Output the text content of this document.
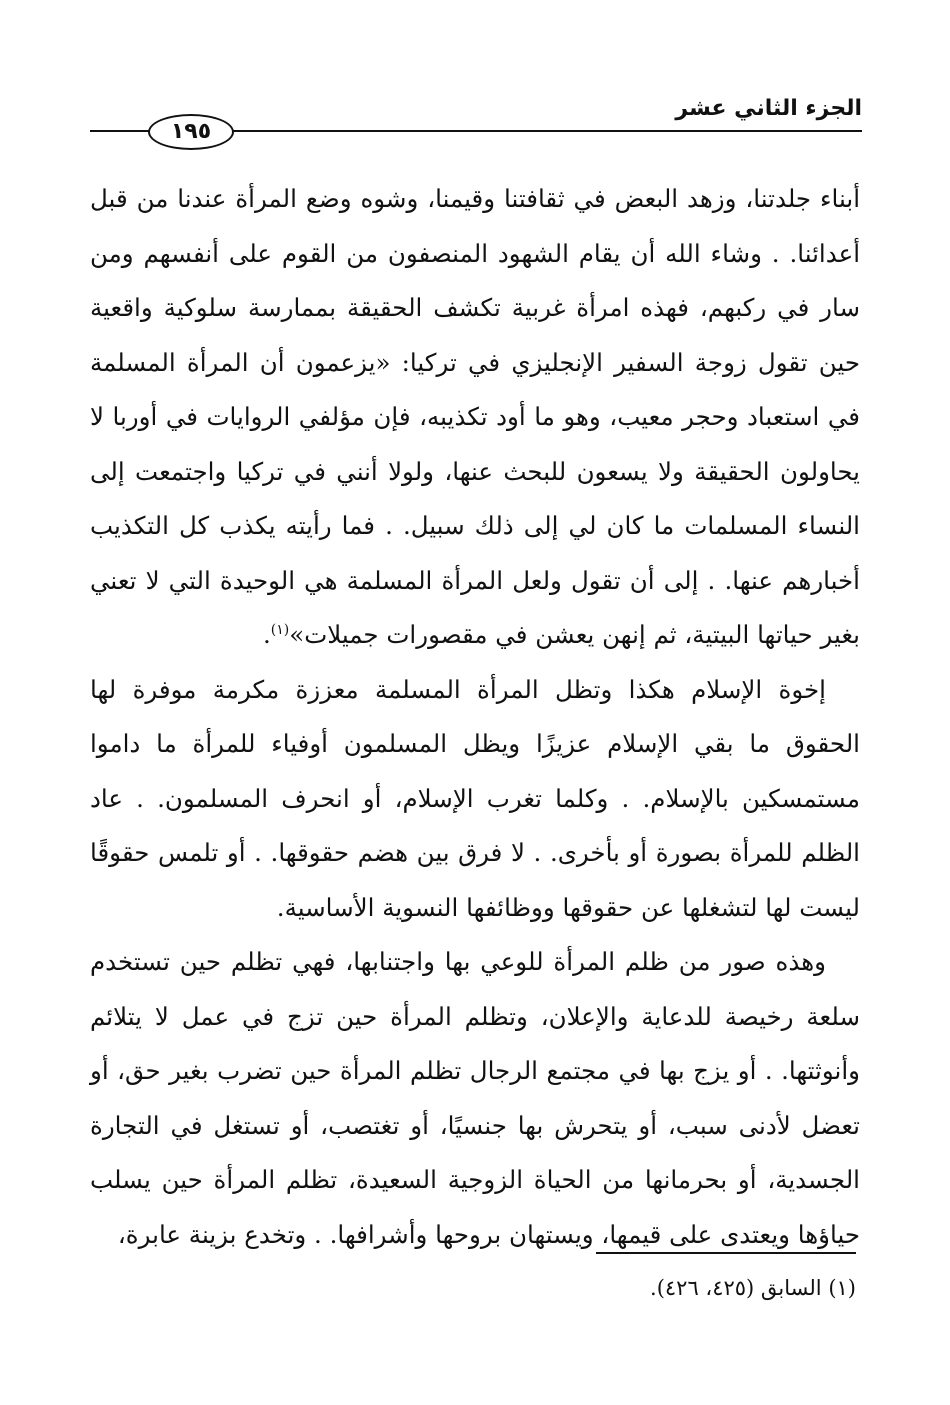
الجزء الثاني عشر
١٩٥

أبناء جلدتنا، وزهد البعض في ثقافتنا وقيمنا، وشوه وضع المرأة عندنا من قبل أعدائنا. . وشاء الله أن يقام الشهود المنصفون من القوم على أنفسهم ومن سار في ركبهم، فهذه امرأة غربية تكشف الحقيقة بممارسة سلوكية واقعية حين تقول زوجة السفير الإنجليزي في تركيا: «يزعمون أن المرأة المسلمة في استعباد وحجر معيب، وهو ما أود تكذيبه، فإن مؤلفي الروايات في أوربا لا يحاولون الحقيقة ولا يسعون للبحث عنها، ولولا أنني في تركيا واجتمعت إلى النساء المسلمات ما كان لي إلى ذلك سبيل. . فما رأيته يكذب كل التكذيب أخبارهم عنها. . إلى أن تقول ولعل المرأة المسلمة هي الوحيدة التي لا تعني بغير حياتها البيتية، ثم إنهن يعشن في مقصورات جميلات»$^{(١)}$.

إخوة الإسلام هكذا وتظل المرأة المسلمة معززة مكرمة موفرة لها الحقوق ما بقي الإسلام عزيزًا ويظل المسلمون أوفياء للمرأة ما داموا مستمسكين بالإسلام. . وكلما تغرب الإسلام، أو انحرف المسلمون. . عاد الظلم للمرأة بصورة أو بأخرى. . لا فرق بين هضم حقوقها. . أو تلمس حقوقًا ليست لها لتشغلها عن حقوقها ووظائفها النسوية الأساسية.

وهذه صور من ظلم المرأة للوعي بها واجتنابها، فهي تظلم حين تستخدم سلعة رخيصة للدعاية والإعلان، وتظلم المرأة حين تزج في عمل لا يتلائم وأنوثتها. . أو يزج بها في مجتمع الرجال تظلم المرأة حين تضرب بغير حق، أو تعضل لأدنى سبب، أو يتحرش بها جنسيًا، أو تغتصب، أو تستغل في التجارة الجسدية، أو بحرمانها من الحياة الزوجية السعيدة، تظلم المرأة حين يسلب حياؤها ويعتدى على قيمها، ويستهان بروحها وأشرافها. . وتخدع بزينة عابرة،

(١) السابق (٤٢٥، ٤٢٦).
